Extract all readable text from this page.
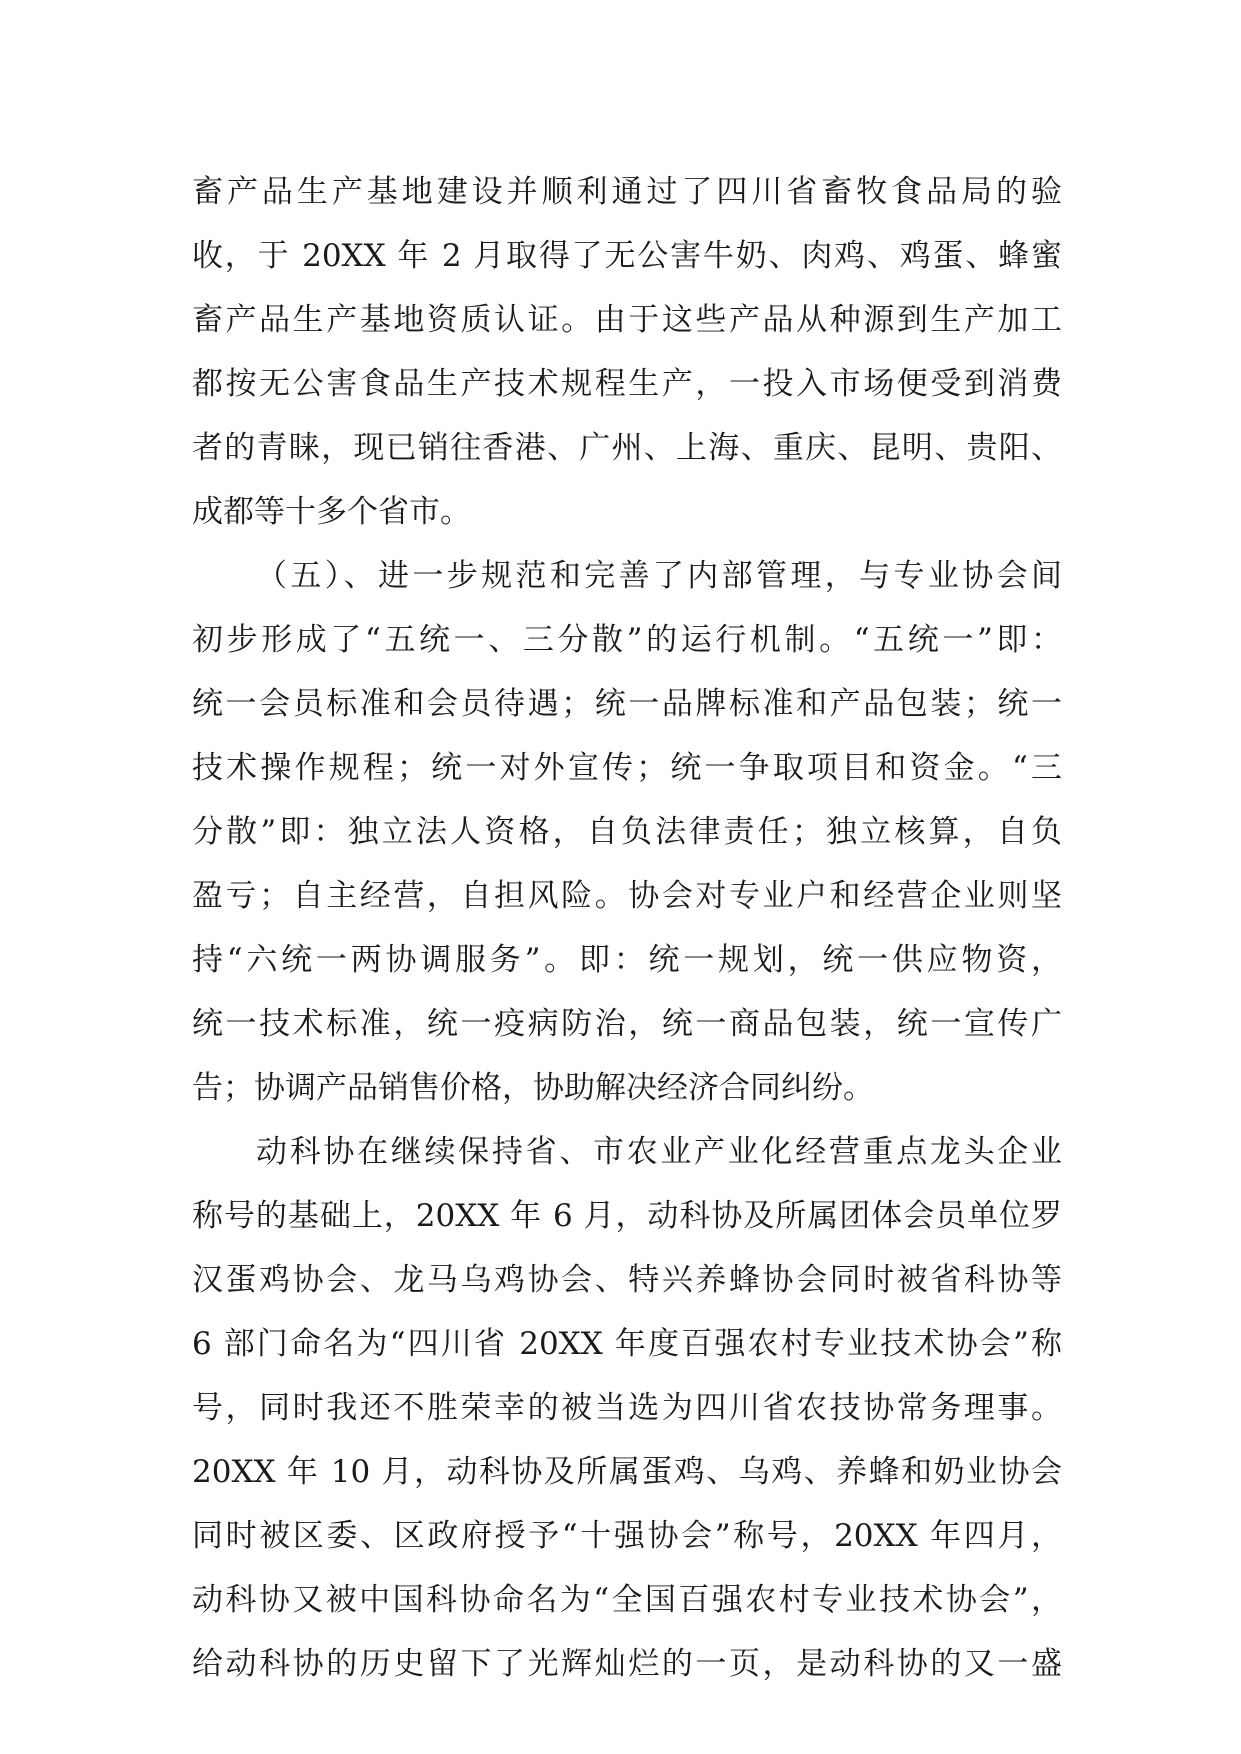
畜产品生产基地建设并顺利通过了四川省畜牧食品局的验
收，于 20XX 年 2 月取得了无公害牛奶、肉鸡、鸡蛋、蜂蜜
畜产品生产基地资质认证。由于这些产品从种源到生产加工
都按无公害食品生产技术规程生产，一投入市场便受到消费
者的青睐，现已销往香港、广州、上海、重庆、昆明、贵阳、
成都等十多个省市。
（五）、进一步规范和完善了内部管理，与专业协会间
初步形成了“五统一、三分散”的运行机制。“五统一”即：
统一会员标准和会员待遇；统一品牌标准和产品包装；统一
技术操作规程；统一对外宣传；统一争取项目和资金。“三
分散”即：独立法人资格，自负法律责任；独立核算，自负
盈亏；自主经营，自担风险。协会对专业户和经营企业则坚
持“六统一两协调服务”。即：统一规划，统一供应物资，
统一技术标准，统一疫病防治，统一商品包装，统一宣传广
告；协调产品销售价格，协助解决经济合同纠纷。
动科协在继续保持省、市农业产业化经营重点龙头企业
称号的基础上，20XX 年 6 月，动科协及所属团体会员单位罗
汉蛋鸡协会、龙马乌鸡协会、特兴养蜂协会同时被省科协等
6 部门命名为“四川省 20XX 年度百强农村专业技术协会”称
号，同时我还不胜荣幸的被当选为四川省农技协常务理事。
20XX 年 10 月，动科协及所属蛋鸡、乌鸡、养蜂和奶业协会
同时被区委、区政府授予“十强协会”称号，20XX 年四月，
动科协又被中国科协命名为“全国百强农村专业技术协会”，
给动科协的历史留下了光辉灿烂的一页，是动科协的又一盛
